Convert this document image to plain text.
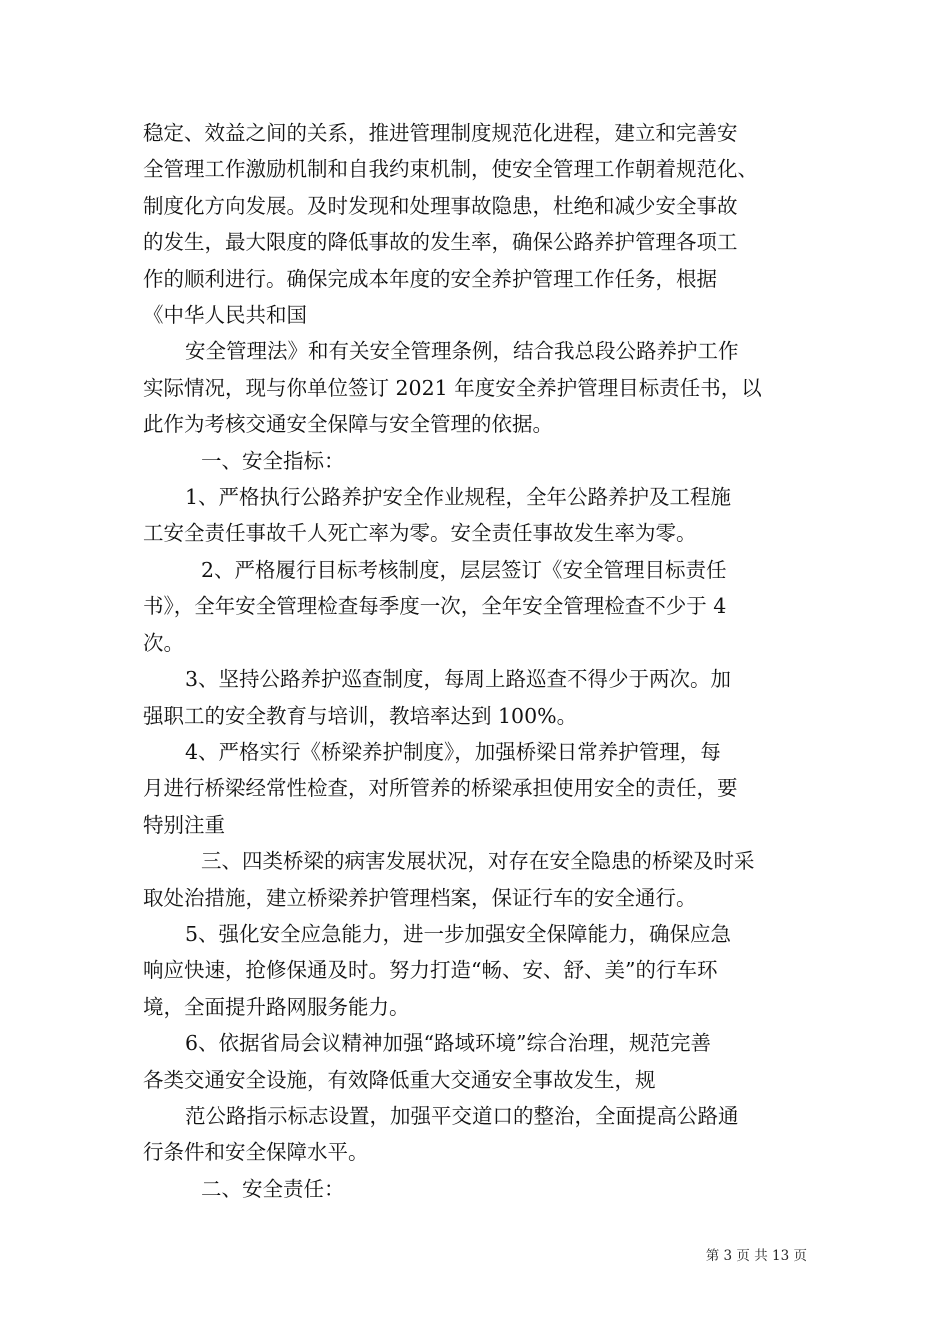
稳定、效益之间的关系，推进管理制度规范化进程，建立和完善安

全管理工作激励机制和自我约束机制，使安全管理工作朝着规范化、

制度化方向发展。及时发现和处理事故隐患，杜绝和减少安全事故

的发生，最大限度的降低事故的发生率，确保公路养护管理各项工

作的顺利进行。确保完成本年度的安全养护管理工作任务，根据

《中华人民共和国

安全管理法》和有关安全管理条例，结合我总段公路养护工作

实际情况，现与你单位签订 2021 年度安全养护管理目标责任书，以

此作为考核交通安全保障与安全管理的依据。

一、安全指标：

1、严格执行公路养护安全作业规程，全年公路养护及工程施

工安全责任事故千人死亡率为零。安全责任事故发生率为零。

2、严格履行目标考核制度，层层签订《安全管理目标责任

书》，全年安全管理检查每季度一次，全年安全管理检查不少于 4

次。

3、坚持公路养护巡查制度，每周上路巡查不得少于两次。加

强职工的安全教育与培训，教培率达到 100%。

4、严格实行《桥梁养护制度》，加强桥梁日常养护管理，每

月进行桥梁经常性检查，对所管养的桥梁承担使用安全的责任，要

特别注重

三、四类桥梁的病害发展状况，对存在安全隐患的桥梁及时采

取处治措施，建立桥梁养护管理档案，保证行车的安全通行。

5、强化安全应急能力，进一步加强安全保障能力，确保应急

响应快速，抢修保通及时。努力打造“畅、安、舒、美”的行车环

境，全面提升路网服务能力。

6、依据省局会议精神加强“路域环境”综合治理，规范完善

各类交通安全设施，有效降低重大交通安全事故发生，规

范公路指示标志设置，加强平交道口的整治，全面提高公路通

行条件和安全保障水平。

二、安全责任：

第 3 页 共 13 页
